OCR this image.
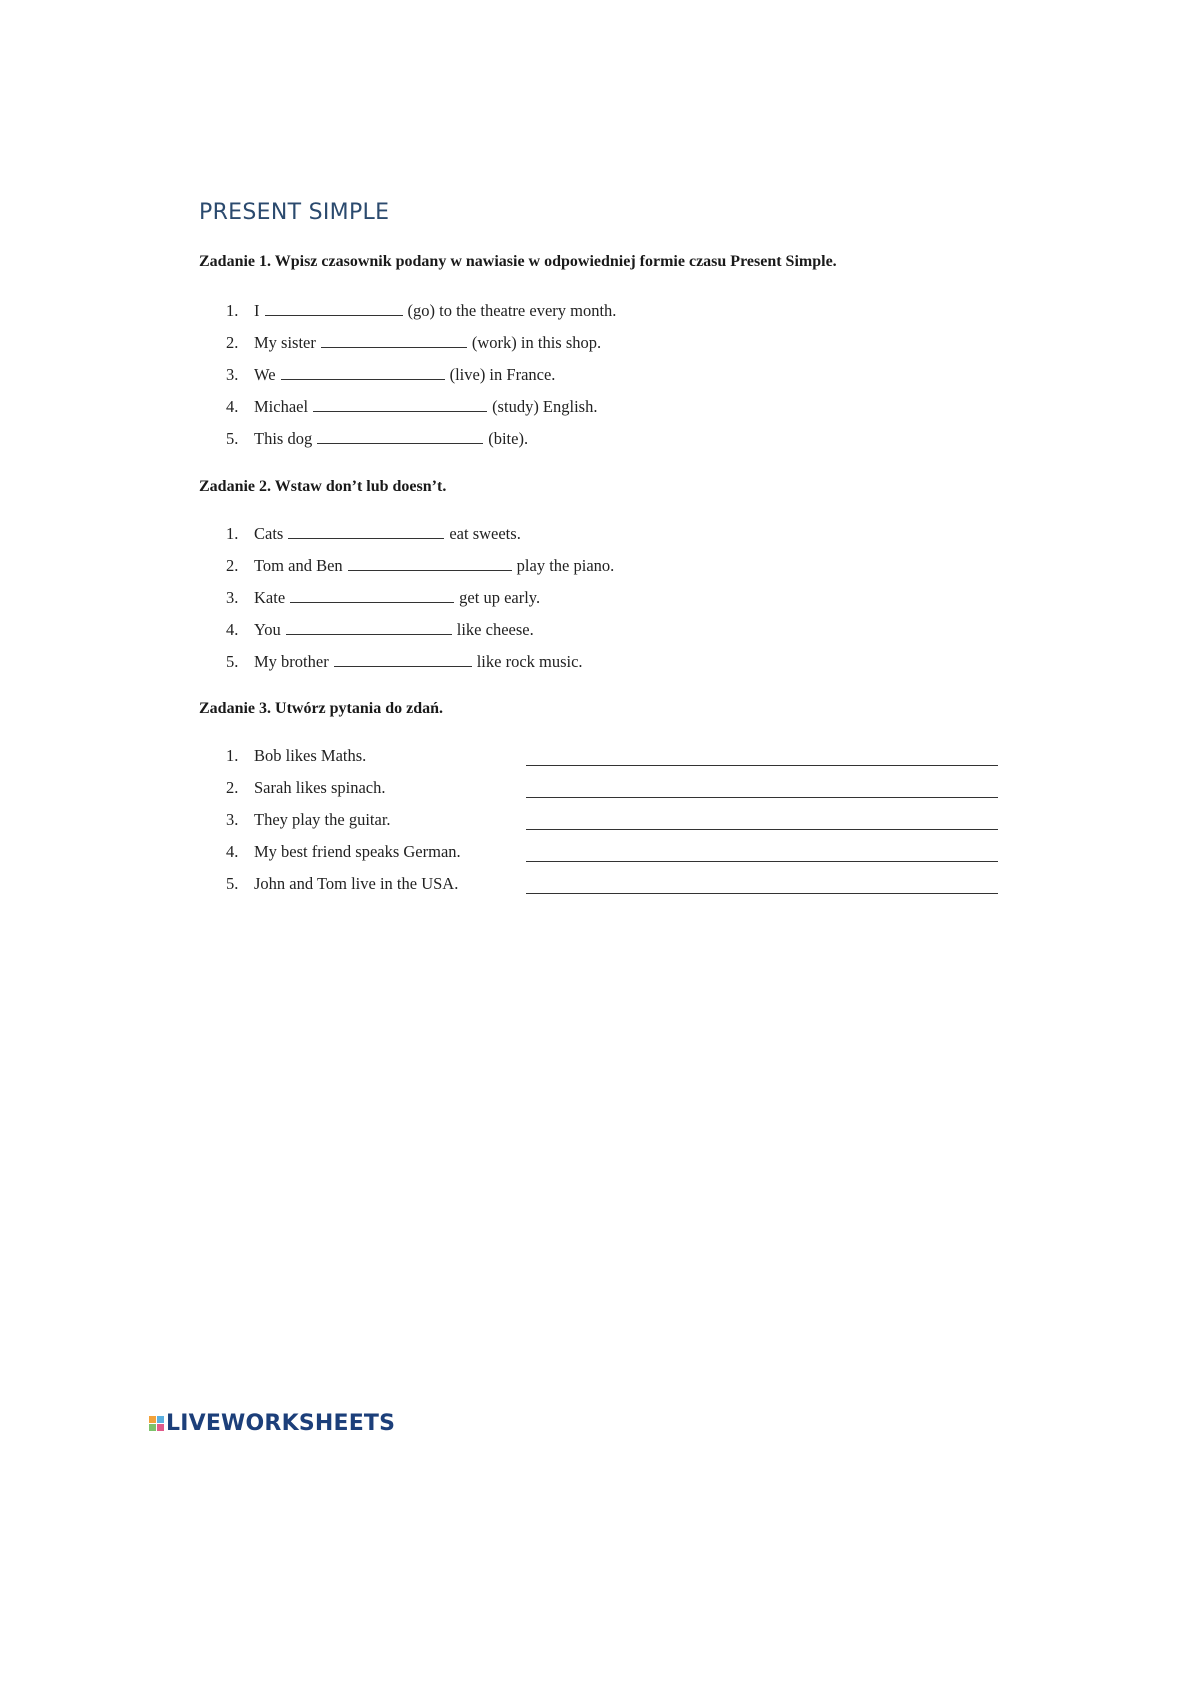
PRESENT SIMPLE
Zadanie 1. Wpisz czasownik podany w nawiasie w odpowiedniej formie czasu Present Simple.
1. I	(go) to the theatre every month.
2. My sister	(work) in this shop.
3. We	(live) in France.
4. Michael	(study) English.
5. This dog	(bite).
Zadanie 2. Wstaw don’t lub doesn’t.
1. Cats	eat sweets.
2. Tom and Ben	play the piano.
3. Kate	get up early.
4. You	like cheese.
5. My brother	like rock music.
Zadanie 3. Utwórz pytania do zdań.
1. Bob likes Maths.
2. Sarah likes spinach.
3. They play the guitar.
4. My best friend speaks German.
5. John and Tom live in the USA.
LIVEWORKSHEETS
